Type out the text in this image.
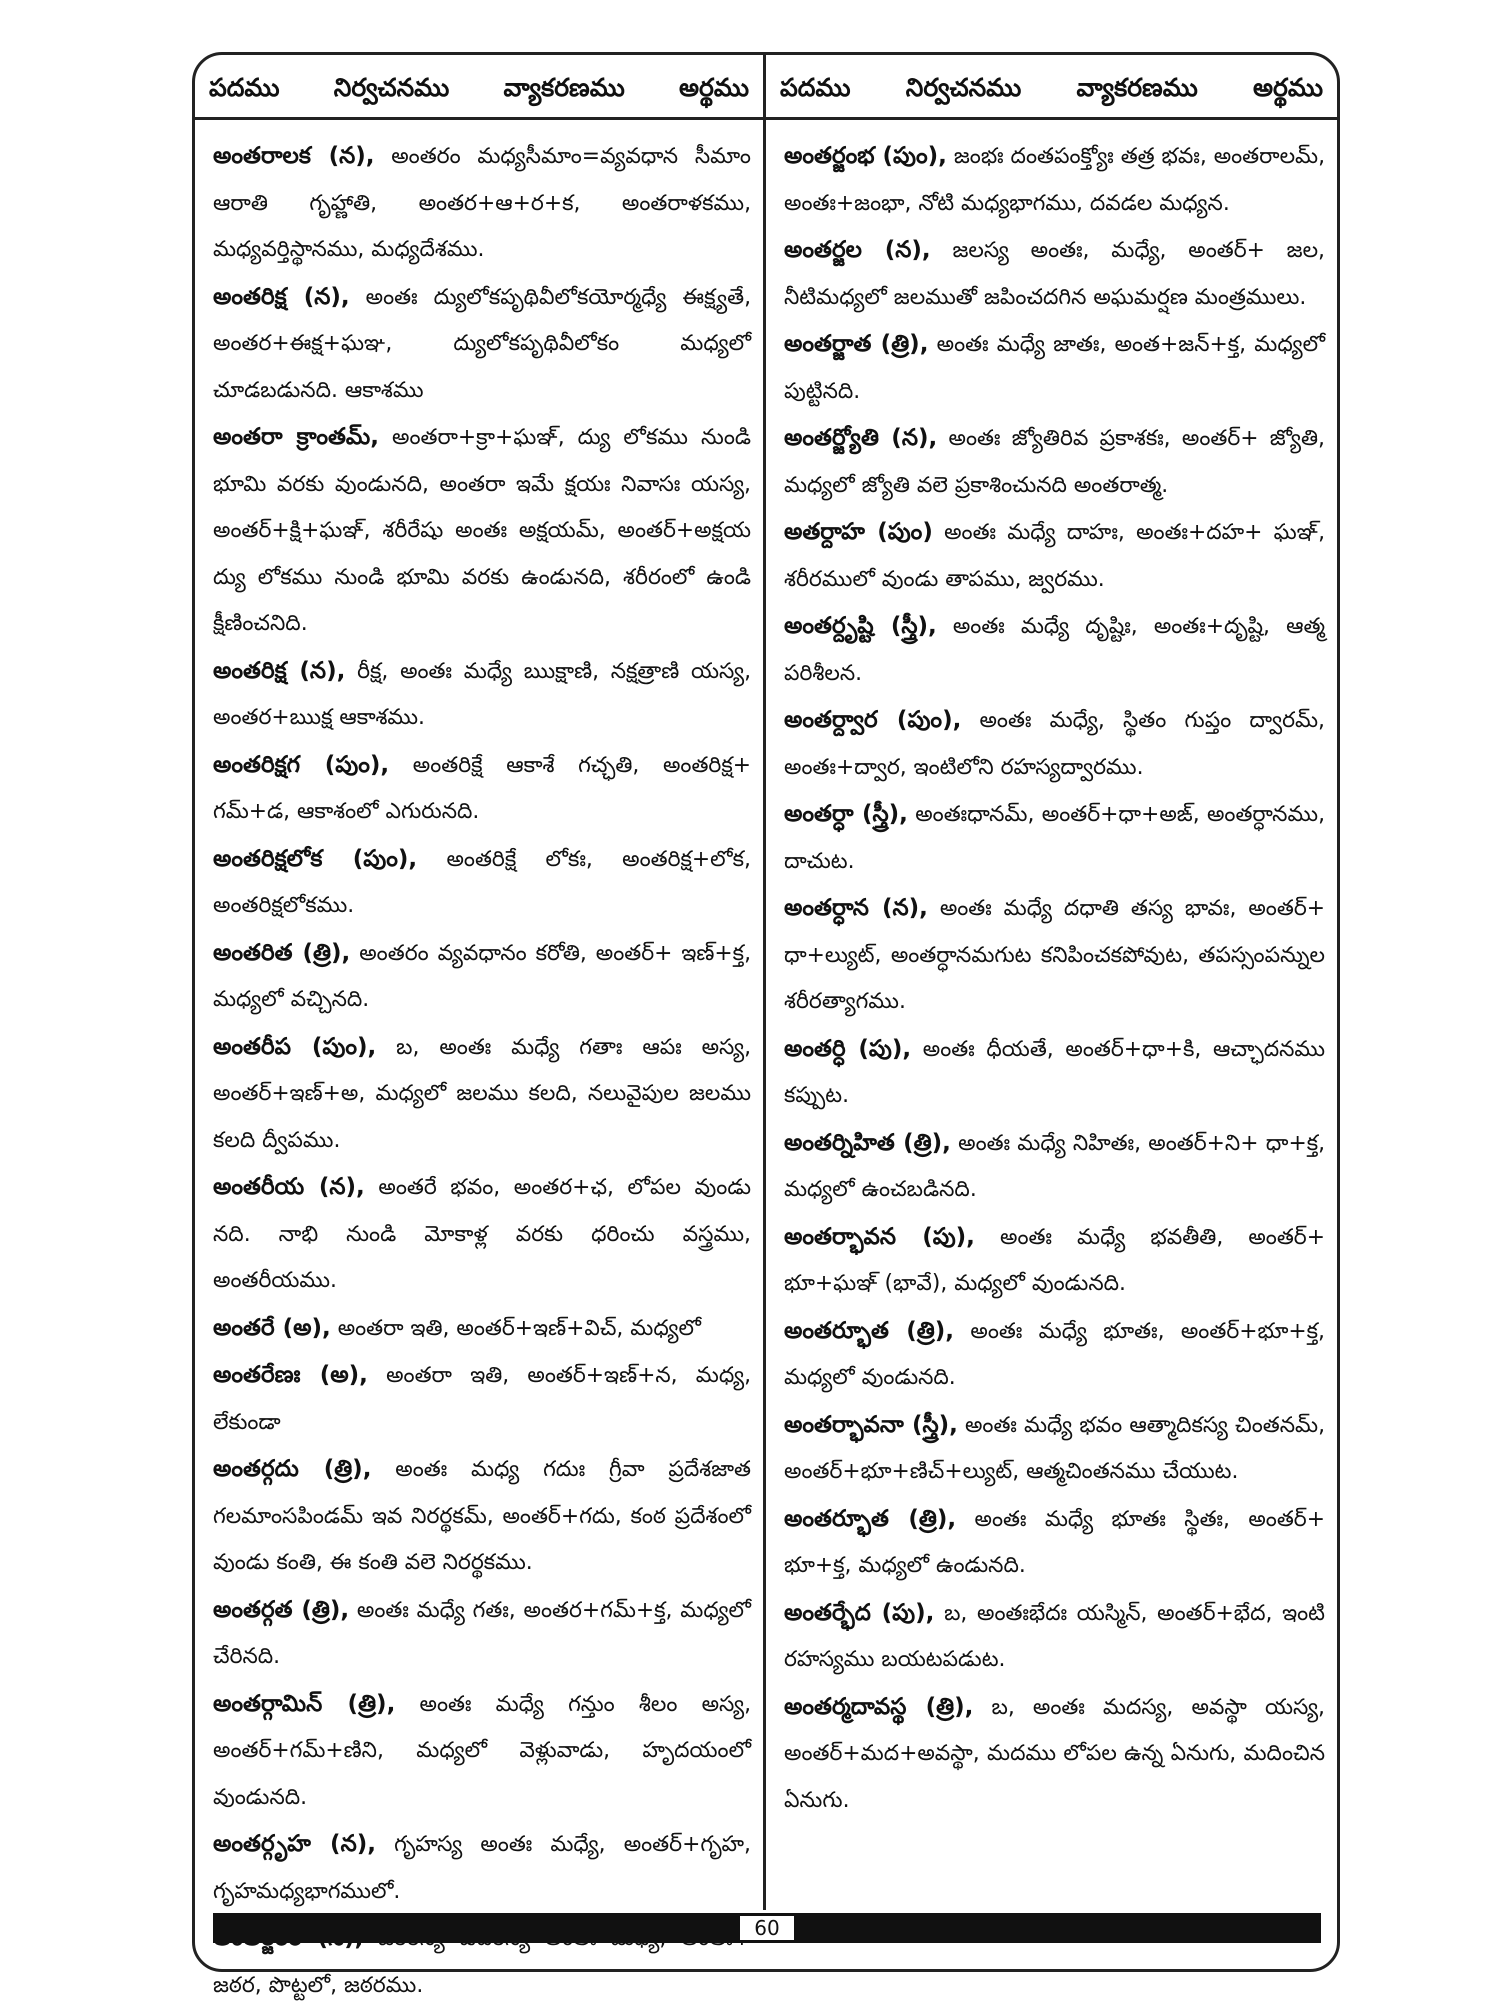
పదము నిర్వచనము వ్యాకరణము అర్థము పదము నిర్వచనము వ్యాకరణము అర్థము

అంతరాలక (న), అంతరం మధ్యసీమాం=వ్యవధాన సీమాం ఆరాతి గృహ్ణాతి, అంతర+ఆ+ర+క, అంతరాళకము, మధ్యవర్తిస్థానము, మధ్యదేశము.

అంతరిక్ష (న), అంతః ద్యులోకపృథివీలోకయోర్మధ్యే ఈక్ష్యతే, అంతర+ఈక్ష+ఘఞ, ద్యులోకపృథివీలోకం మధ్యలో చూడబడునది. ఆకాశము

అంతరా క్రాంతమ్, అంతరా+క్రా+ఘఞ్, ద్యు లోకము నుండి భూమి వరకు వుండునది, అంతరా ఇమే క్షయః నివాసః యస్య, అంతర్+క్షి+ఘఞ్, శరీరేషు అంతః అక్షయమ్, అంతర్+అక్షయ ద్యు లోకము నుండి భూమి వరకు ఉండునది, శరీరంలో ఉండి క్షీణించనిది.

అంతరిక్ష (న), రీక్ష, అంతః మధ్యే ఋక్షాణి, నక్షత్రాణి యస్య, అంతర+ఋక్ష ఆకాశము.

అంతరిక్షగ (పుం), అంతరిక్షే ఆకాశే గచ్ఛతి, అంతరిక్ష+ గమ్+డ, ఆకాశంలో ఎగురునది.

అంతరిక్షలోక (పుం), అంతరిక్షే లోకః, అంతరిక్ష+లోక, అంతరిక్షలోకము.

అంతరిత (త్రి), అంతరం వ్యవధానం కరోతి, అంతర్+ ఇణ్+క్త, మధ్యలో వచ్చినది.

అంతరీప (పుం), బ, అంతః మధ్యే గతాః ఆపః అస్య, అంతర్+ఇణ్+అ, మధ్యలో జలము కలది, నలువైపుల జలము కలది ద్వీపము.

అంతరీయ (న), అంతరే భవం, అంతర+ఛ, లోపల వుండు నది. నాభి నుండి మోకాళ్ల వరకు ధరించు వస్త్రము, అంతరీయము.

అంతరే (అ), అంతరా ఇతి, అంతర్+ఇణ్+విచ్, మధ్యలో

అంతరేణః (అ), అంతరా ఇతి, అంతర్+ఇణ్+న, మధ్య, లేకుండా

అంతర్గదు (త్రి), అంతః మధ్య గదుః గ్రీవా ప్రదేశజాత గలమాంసపిండమ్ ఇవ నిరర్థకమ్, అంతర్+గదు, కంఠ ప్రదేశంలో వుండు కంతి, ఈ కంతి వలె నిరర్థకము.

అంతర్గత (త్రి), అంతః మధ్యే గతః, అంతర+గమ్+క్త, మధ్యలో చేరినది.

అంతర్గామిన్ (త్రి), అంతః మధ్యే గన్తుం శీలం అస్య, అంతర్+గమ్+ణిని, మధ్యలో వెళ్లువాడు, హృదయంలో వుండునది.

అంతర్గృహ (న), గృహస్య అంతః మధ్యే, అంతర్+గృహ, గృహమధ్యభాగములో.

జఠర, పొట్టలో, జఠరము.

అంతర్జంభ (పుం), జంభః దంతపంక్త్యోః తత్ర భవః, అంతరాలమ్, అంతః+జంభా, నోటి మధ్యభాగము, దవడల మధ్యన.

అంతర్జల (న), జలస్య అంతః, మధ్యే, అంతర్+ జల, నీటిమధ్యలో జలముతో జపించదగిన అఘమర్షణ మంత్రములు.

అంతర్జాత (త్రి), అంతః మధ్యే జాతః, అంత+జన్+క్త, మధ్యలో పుట్టినది.

అంతర్జ్యోతి (న), అంతః జ్యోతిరివ ప్రకాశకః, అంతర్+ జ్యోతి, మధ్యలో జ్యోతి వలె ప్రకాశించునది అంతరాత్మ.

అతర్దాహ (పుం) అంతః మధ్యే దాహః, అంతః+దహ+ ఘఞ్, శరీరములో వుండు తాపము, జ్వరము.

అంతర్దృష్టి (స్త్రీ), అంతః మధ్యే దృష్టిః, అంతః+దృష్టి, ఆత్మ పరిశీలన.

అంతర్ద్వార (పుం), అంతః మధ్యే, స్థితం గుప్తం ద్వారమ్, అంతః+ద్వార, ఇంటిలోని రహస్యద్వారము.

అంతర్ధా (స్త్రీ), అంతఃధానమ్, అంతర్+ధా+అఙ్, అంతర్ధానము, దాచుట.

అంతర్ధాన (న), అంతః మధ్యే దధాతి తస్య భావః, అంతర్+ ధా+ల్యుట్, అంతర్ధానమగుట కనిపించకపోవుట, తపస్సంపన్నుల శరీరత్యాగము.

అంతర్ధి (పు), అంతః ధీయతే, అంతర్+ధా+కి, ఆచ్ఛాదనము కప్పుట.

అంతర్నిహిత (త్రి), అంతః మధ్యే నిహితః, అంతర్+ని+ ధా+క్త, మధ్యలో ఉంచబడినది.

అంతర్భావన (పు), అంతః మధ్యే భవతీతి, అంతర్+ భూ+ఘఞ్ (భావే), మధ్యలో వుండునది.

అంతర్భూత (త్రి), అంతః మధ్యే భూతః, అంతర్+భూ+క్త, మధ్యలో వుండునది.

అంతర్భావనా (స్త్రీ), అంతః మధ్యే భవం ఆత్మాదికస్య చింతనమ్, అంతర్+భూ+ణిచ్+ల్యుట్, ఆత్మచింతనము చేయుట.

అంతర్భూత (త్రి), అంతః మధ్యే భూతః స్థితః, అంతర్+ భూ+క్త, మధ్యలో ఉండునది.

అంతర్భేద (పు), బ, అంతఃభేదః యస్మిన్, అంతర్+భేద, ఇంటి రహస్యము బయటపడుట.

అంతర్మదావస్థ (త్రి), బ, అంతః మదస్య, అవస్థా యస్య, అంతర్+మద+అవస్థా, మదము లోపల ఉన్న ఏనుగు, మదించిన ఏనుగు.

60
